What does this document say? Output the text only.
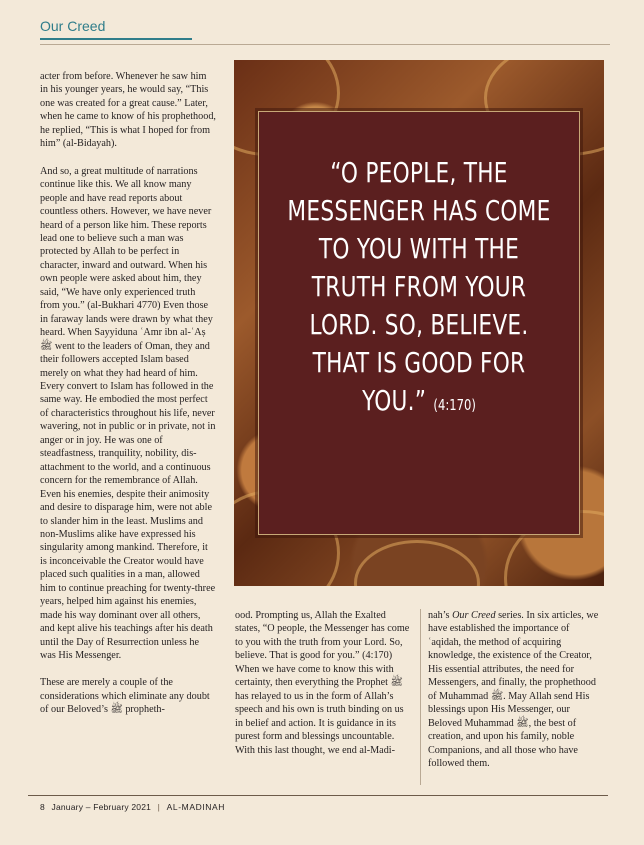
Our Creed

acter from before. Whenever he saw him in his younger years, he would say, “This one was created for a great cause.” Later, when he came to know of his prophethood, he replied, “This is what I hoped for from him” (al-Bidayah).

And so, a great multitude of narrations continue like this. We all know many people and have read reports about countless others. However, we have never heard of a person like him. These reports lead one to believe such a man was protected by Allah to be perfect in character, inward and outward. When his own people were asked about him, they said, “We have only experienced truth from you.” (al-Bukhari 4770) Even those in faraway lands were drawn by what they heard. When Sayyiduna ʿAmr ibn al-ʿAṣ ﷺ went to the leaders of Oman, they and their followers accepted Islam based merely on what they had heard of him. Every convert to Islam has followed in the same way. He embodied the most perfect of characteristics throughout his life, never wavering, not in public or in private, not in anger or in joy. He was one of steadfastness, tranquility, nobility, dis-attachment to the world, and a continuous concern for the remembrance of Allah. Even his enemies, despite their animosity and desire to disparage him, were not able to slander him in the least. Muslims and non-Muslims alike have expressed his singularity among mankind. Therefore, it is inconceivable the Creator would have placed such qualities in a man, allowed him to continue preaching for twenty-three years, helped him against his enemies, made his way dominant over all others, and kept alive his teachings after his death until the Day of Resurrection unless he was His Messenger.

These are merely a couple of the considerations which eliminate any doubt of our Beloved’s ﷺ propheth-

“O PEOPLE, THE MESSENGER HAS COME TO YOU WITH THE TRUTH FROM YOUR LORD. SO, BELIEVE. THAT IS GOOD FOR YOU.” (4:170)

ood. Prompting us, Allah the Exalted states, “O people, the Messenger has come to you with the truth from your Lord. So, believe. That is good for you.” (4:170) When we have come to know this with certainty, then everything the Prophet ﷺ has relayed to us in the form of Allah’s speech and his own is truth binding on us in belief and action. It is guidance in its purest form and blessings uncountable. With this last thought, we end al-Madi-

nah’s Our Creed series. In six articles, we have established the importance of ʿaqidah, the method of acquiring knowledge, the existence of the Creator, His essential attributes, the need for Messengers, and finally, the prophethood of Muhammad ﷺ. May Allah send His blessings upon His Messenger, our Beloved Muhammad ﷺ, the best of creation, and upon his family, noble Companions, and all those who have followed them.

8 January – February 2021 | AL-MADINAH
